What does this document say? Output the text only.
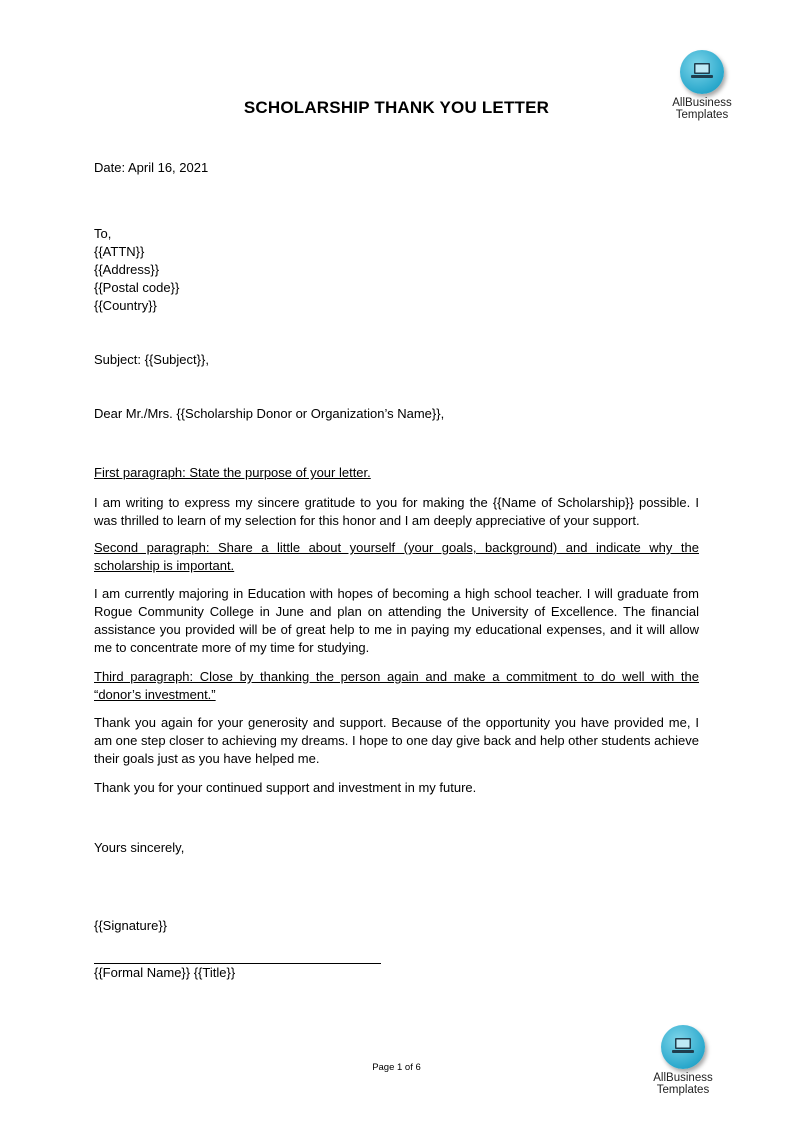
AllBusiness
Templates
SCHOLARSHIP THANK YOU LETTER
Date: April 16, 2021
To,
{{ATTN}}
{{Address}}
{{Postal code}}
{{Country}}
Subject: {{Subject}},
Dear Mr./Mrs. {{Scholarship Donor or Organization’s Name}},
First paragraph: State the purpose of your letter.
I am writing to express my sincere gratitude to you for making the {{Name of Scholarship}} possible. I was thrilled to learn of my selection for this honor and I am deeply appreciative of your support.
Second paragraph: Share a little about yourself (your goals, background) and indicate why the scholarship is important.
I am currently majoring in Education with hopes of becoming a high school teacher. I will graduate from Rogue Community College in June and plan on attending the University of Excellence. The financial assistance you provided will be of great help to me in paying my educational expenses, and it will allow me to concentrate more of my time for studying.
Third paragraph: Close by thanking the person again and make a commitment to do well with the “donor’s investment.”
Thank you again for your generosity and support. Because of the opportunity you have provided me, I am one step closer to achieving my dreams. I hope to one day give back and help other students achieve their goals just as you have helped me.
Thank you for your continued support and investment in my future.
Yours sincerely,
{{Signature}}
{{Formal Name}} {{Title}}
Page 1 of 6
AllBusiness
Templates
